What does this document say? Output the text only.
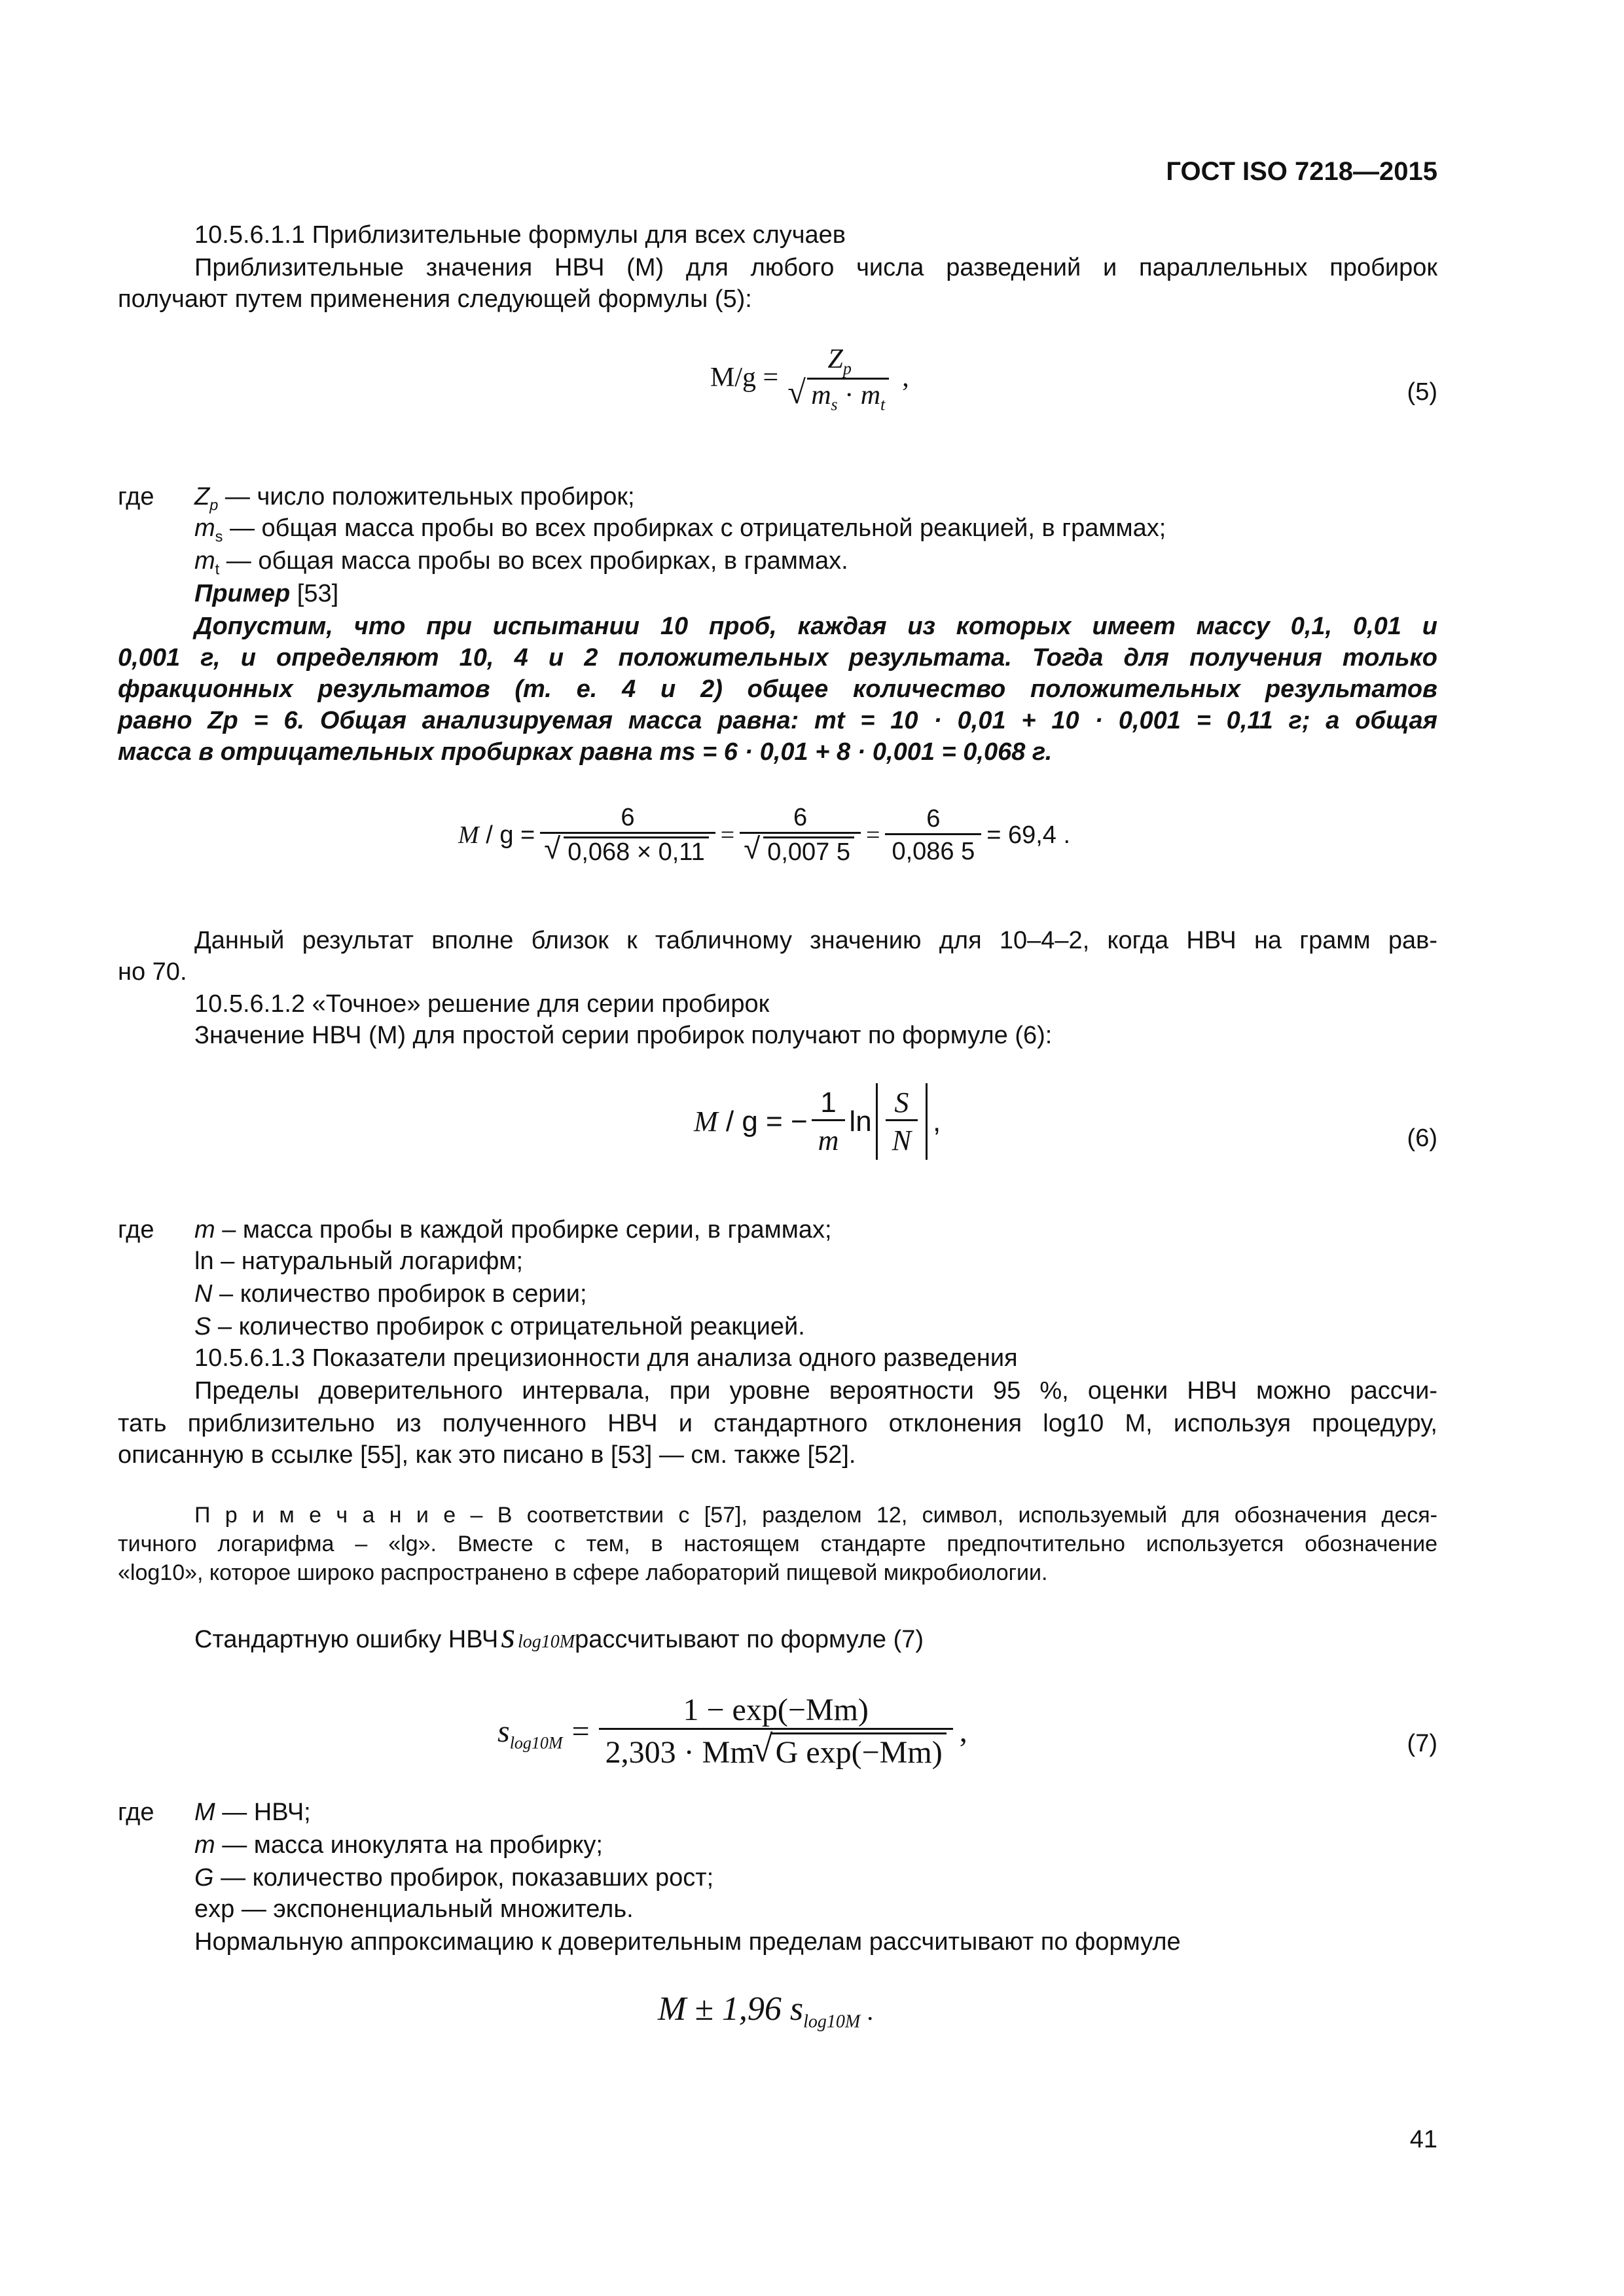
ГОСТ ISO 7218—2015
10.5.6.1.1 Приблизительные формулы для всех случаев
Приблизительные значения НВЧ (М) для любого числа разведений и параллельных пробирок
получают путем применения следующей формулы (5):
M/g =
$Z_p$
√ $m_s \cdot m_t$
,	(5)
где $Z_p$ — число положительных пробирок;
$m_s$ — общая масса пробы во всех пробирках с отрицательной реакцией, в граммах;
$m_t$ — общая масса пробы во всех пробирках, в граммах.
Пример [53]
Допустим, что при испытании 10 проб, каждая из которых имеет массу 0,1, 0,01 и
0,001 г, и определяют 10, 4 и 2 положительных результата. Тогда для получения только
фракционных результатов (т. е. 4 и 2) общее количество положительных результатов
равно Zp = 6. Общая анализируемая масса равна: mt = 10 · 0,01 + 10 · 0,001 = 0,11 г; а общая
масса в отрицательных пробирках равна ms = 6 · 0,01 + 8 · 0,001 = 0,068 г.
M / g = 6
√ 0,068 × 0,11 = 6
√ 0,007 $5 = \frac{6}{0,086 5} = 69,4$ .
Данный результат вполне близок к табличному значению для 10–4–2, когда НВЧ на грамм рав-
но 70.
10.5.6.1.2 «Точное» решение для серии пробирок
Значение НВЧ (М) для простой серии пробирок получают по формуле (6):
M / g = − $\frac{1}{m}$ $\ln \frac{S}{N}$ ,
(6)
где m – масса пробы в каждой пробирке серии, в граммах;
ln – натуральный логарифм;
N – количество пробирок в серии;
S – количество пробирок с отрицательной реакцией.
10.5.6.1.3 Показатели прецизионности для анализа одного разведения
Пределы доверительного интервала, при уровне вероятности 95 %, оценки НВЧ можно рассчи-
тать приблизительно из полученного НВЧ и стандартного отклонения log10 M, используя процедуру,
описанную в ссылке [55], как это писано в [53] — см. также [52].
П р и м е ч а н и е – В соответствии с [57], разделом 12, символ, используемый для обозначения деся-
тичного логарифма – «lg». Вместе с тем, в настоящем стандарте предпочтительно используется обозначение
«log10», которое широко распространено в сфере лабораторий пищевой микробиологии.
Стандартную ошибку НВЧ s log10M рассчитывают по формуле (7)
$s_{log10M} = \frac{1 - \exp(-Mm)}{\text{2,303 · Mm√ G exp(−Mm)}}$ ,	(7)
где M — НВЧ;
m — масса инокулята на пробирку;
G — количество пробирок, показавших рост;
exp — экспоненциальный множитель.
Нормальную аппроксимацию к доверительным пределам рассчитывают по формуле
M ± 1,96 $s_{log10M}$ .
41
